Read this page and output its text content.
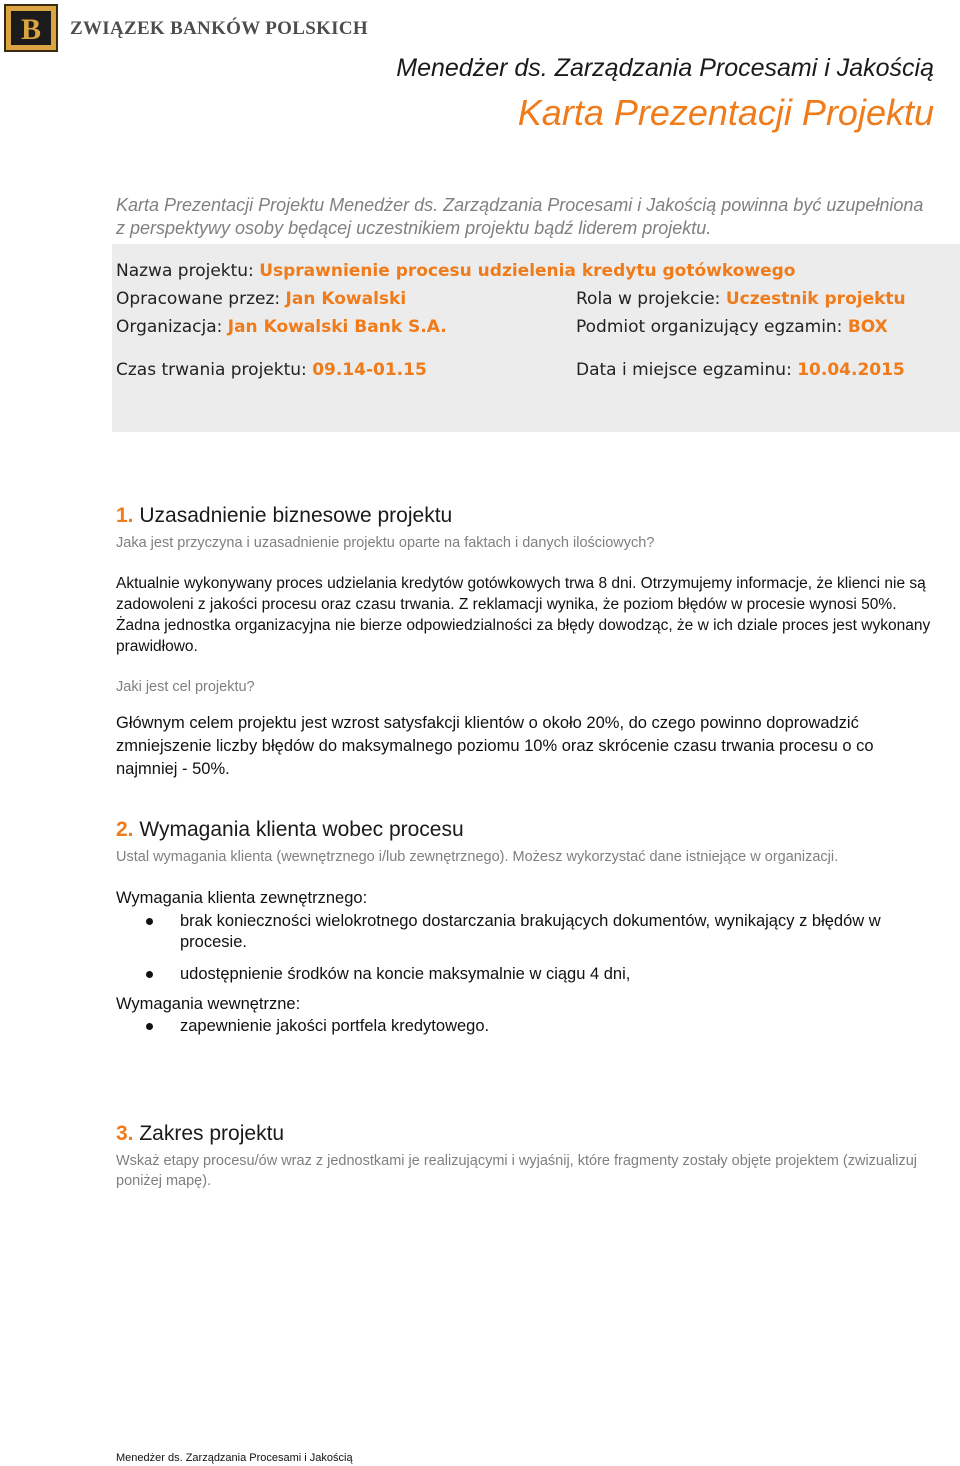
B	ZWIĄZEK BANKÓW POLSKICH
Menedżer ds. Zarządzania Procesami i Jakością
Karta Prezentacji Projektu
Karta Prezentacji Projektu Menedżer ds. Zarządzania Procesami i Jakością powinna być uzupełniona z perspektywy osoby będącej uczestnikiem projektu bądź liderem projektu.
Nazwa projektu: Usprawnienie procesu udzielenia kredytu gotówkowego
Opracowane przez: Jan Kowalski	Rola w projekcie: Uczestnik projektu
Organizacja: Jan Kowalski Bank S.A.	Podmiot organizujący egzamin: BOX
Czas trwania projektu: 09.14-01.15	Data i miejsce egzaminu: 10.04.2015
1. Uzasadnienie biznesowe projektu
Jaka jest przyczyna i uzasadnienie projektu oparte na faktach i danych ilościowych?
Aktualnie wykonywany proces udzielania kredytów gotówkowych trwa 8 dni. Otrzymujemy informacje, że klienci nie są zadowoleni z jakości procesu oraz czasu trwania. Z reklamacji wynika, że poziom błędów w procesie wynosi 50%. Żadna jednostka organizacyjna nie bierze odpowiedzialności za błędy dowodząc, że w ich dziale proces jest wykonany prawidłowo.
Jaki jest cel projektu?
Głównym celem projektu jest wzrost satysfakcji klientów o około 20%, do czego powinno doprowadzić zmniejszenie liczby błędów do maksymalnego poziomu 10% oraz skrócenie czasu trwania procesu o co najmniej - 50%.
2. Wymagania klienta wobec procesu
Ustal wymagania klienta (wewnętrznego i/lub zewnętrznego). Możesz wykorzystać dane istniejące w organizacji.
Wymagania klienta zewnętrznego:
brak konieczności wielokrotnego dostarczania brakujących dokumentów, wynikający z błędów w procesie.
udostępnienie środków na koncie maksymalnie w ciągu 4 dni,
Wymagania wewnętrzne:
zapewnienie jakości portfela kredytowego.
3. Zakres projektu
Wskaż etapy procesu/ów wraz z jednostkami je realizującymi i wyjaśnij, które fragmenty zostały objęte projektem (zwizualizuj poniżej mapę).
Menedżer ds. Zarządzania Procesami i Jakością
